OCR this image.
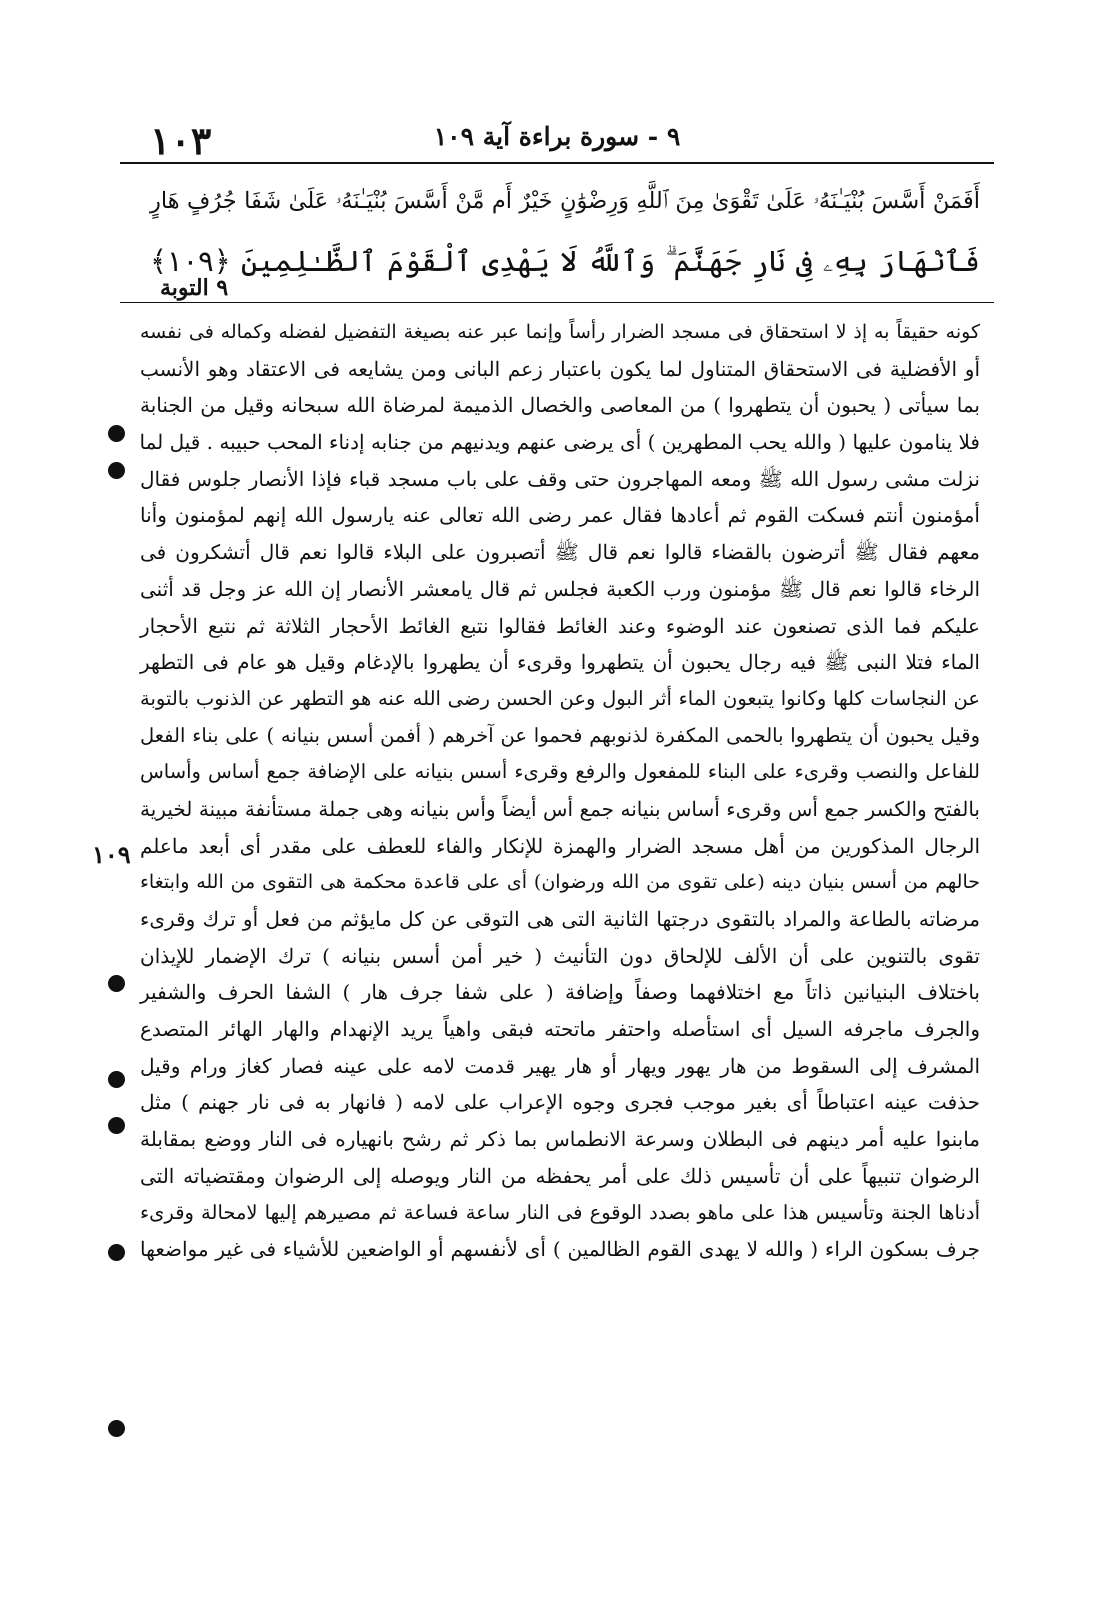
١٠٣	٩ - سورة براءة آية ١٠٩
أَفَمَنْ أَسَّسَ بُنْيَـٰنَهُۥ عَلَىٰ تَقْوَىٰ مِنَ ٱللَّهِ وَرِضْوَٰنٍ خَيْرٌ أَم مَّنْ أَسَّسَ بُنْيَـٰنَهُۥ عَلَىٰ شَفَا جُرُفٍ هَارٍ
فَٱنْهَارَ بِهِۦ فِى نَارِ جَهَنَّمَ ۗ وَٱللَّهُ لَا يَهْدِى ٱلْقَوْمَ ٱلظَّـٰلِمِينَ ﴿١٠٩﴾
٩ التوبة
١٠٩
كونه حقيقاً به إذ لا استحقاق فى مسجد الضرار رأساً وإنما عبر عنه بصيغة التفضيل لفضله وكماله فى نفسه
أو الأفضلية فى الاستحقاق المتناول لما يكون باعتبار زعم البانى ومن يشايعه فى الاعتقاد وهو الأنسب
بما سيأتى ( يحبون أن يتطهروا ) من المعاصى والخصال الذميمة لمرضاة الله سبحانه وقيل من الجنابة
فلا ينامون عليها ( والله يحب المطهرين ) أى يرضى عنهم ويدنيهم من جنابه إدناء المحب حبيبه . قيل لما
نزلت مشى رسول الله ﷺ ومعه المهاجرون حتى وقف على باب مسجد قباء فإذا الأنصار جلوس فقال
أمؤمنون أنتم فسكت القوم ثم أعادها فقال عمر رضى الله تعالى عنه يارسول الله إنهم لمؤمنون وأنا
معهم فقال ﷺ أترضون بالقضاء قالوا نعم قال ﷺ أتصبرون على البلاء قالوا نعم قال أتشكرون فى
الرخاء قالوا نعم قال ﷺ مؤمنون ورب الكعبة فجلس ثم قال يامعشر الأنصار إن الله عز وجل قد أثنى
عليكم فما الذى تصنعون عند الوضوء وعند الغائط فقالوا نتبع الغائط الأحجار الثلاثة ثم نتبع الأحجار
الماء فتلا النبى ﷺ فيه رجال يحبون أن يتطهروا وقرىء أن يطهروا بالإدغام وقيل هو عام فى التطهر
عن النجاسات كلها وكانوا يتبعون الماء أثر البول وعن الحسن رضى الله عنه هو التطهر عن الذنوب بالتوبة
وقيل يحبون أن يتطهروا بالحمى المكفرة لذنوبهم فحموا عن آخرهم ( أفمن أسس بنيانه ) على بناء الفعل
للفاعل والنصب وقرىء على البناء للمفعول والرفع وقرىء أسس بنيانه على الإضافة جمع أساس وأساس
بالفتح والكسر جمع أس وقرىء أساس بنيانه جمع أس أيضاً وأس بنيانه وهى جملة مستأنفة مبينة لخيرية
الرجال المذكورين من أهل مسجد الضرار والهمزة للإنكار والفاء للعطف على مقدر أى أبعد ماعلم
حالهم من أسس بنيان دينه (على تقوى من الله ورضوان) أى على قاعدة محكمة هى التقوى من الله وابتغاء
مرضاته بالطاعة والمراد بالتقوى درجتها الثانية التى هى التوقى عن كل مايؤثم من فعل أو ترك وقرىء
تقوى بالتنوين على أن الألف للإلحاق دون التأنيث ( خير أمن أسس بنيانه ) ترك الإضمار للإيذان
باختلاف البنيانين ذاتاً مع اختلافهما وصفاً وإضافة ( على شفا جرف هار ) الشفا الحرف والشفير
والجرف ماجرفه السيل أى استأصله واحتفر ماتحته فبقى واهياً يريد الإنهدام والهار الهائر المتصدع
المشرف إلى السقوط من هار يهور ويهار أو هار يهير قدمت لامه على عينه فصار كغاز ورام وقيل
حذفت عينه اعتباطاً أى بغير موجب فجرى وجوه الإعراب على لامه ( فانهار به فى نار جهنم ) مثل
مابنوا عليه أمر دينهم فى البطلان وسرعة الانطماس بما ذكر ثم رشح بانهياره فى النار ووضع بمقابلة
الرضوان تنبيهاً على أن تأسيس ذلك على أمر يحفظه من النار ويوصله إلى الرضوان ومقتضياته التى
أدناها الجنة وتأسيس هذا على ماهو بصدد الوقوع فى النار ساعة فساعة ثم مصيرهم إليها لامحالة وقرىء
جرف بسكون الراء ( والله لا يهدى القوم الظالمين ) أى لأنفسهم أو الواضعين للأشياء فى غير مواضعها
